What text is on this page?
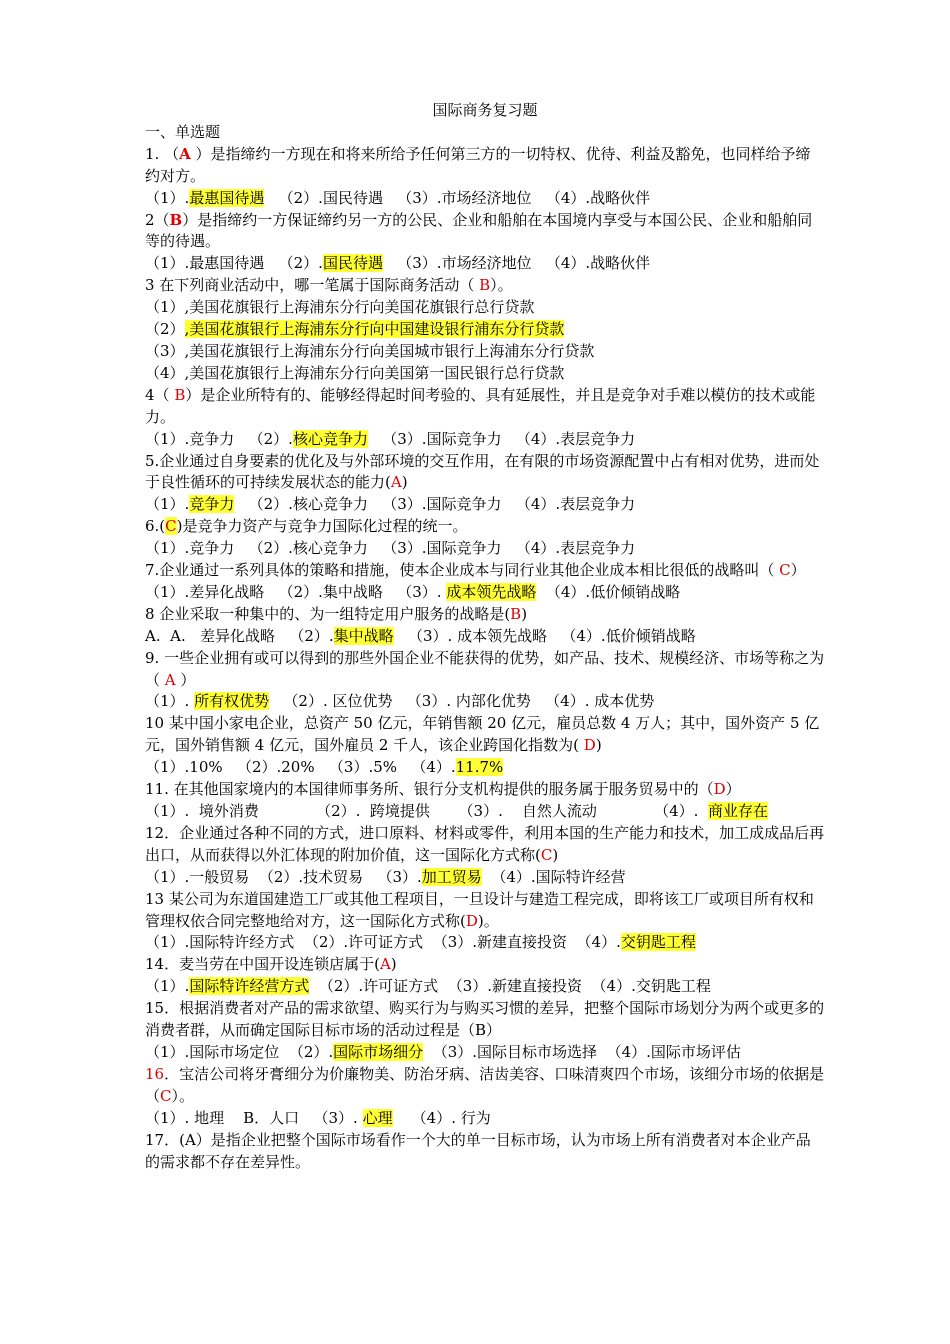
国际商务复习题
一、单选题
1. （A ）是指缔约一方现在和将来所给予任何第三方的一切特权、优待、利益及豁免，也同样给予缔约对方。
（1）.最惠国待遇   （2）.国民待遇   （3）.市场经济地位   （4）.战略伙伴
2（B）是指缔约一方保证缔约另一方的公民、企业和船舶在本国境内享受与本国公民、企业和船舶同等的待遇。
（1）.最惠国待遇   （2）.国民待遇   （3）.市场经济地位   （4）.战略伙伴
3 在下列商业活动中，哪一笔属于国际商务活动（ B）。
（1）,美国花旗银行上海浦东分行向美国花旗银行总行贷款
（2）,美国花旗银行上海浦东分行向中国建设银行浦东分行贷款
（3）,美国花旗银行上海浦东分行向美国城市银行上海浦东分行贷款
（4）,美国花旗银行上海浦东分行向美国第一国民银行总行贷款
4（ B）是企业所特有的、能够经得起时间考验的、具有延展性，并且是竞争对手难以模仿的技术或能力。
（1）.竞争力   （2）.核心竞争力   （3）.国际竞争力   （4）.表层竞争力
5.企业通过自身要素的优化及与外部环境的交互作用，在有限的市场资源配置中占有相对优势，进而处于良性循环的可持续发展状态的能力(A)
（1）.竞争力   （2）.核心竞争力   （3）.国际竞争力   （4）.表层竞争力
6.(C)是竞争力资产与竞争力国际化过程的统一。
（1）.竞争力   （2）.核心竞争力   （3）.国际竞争力   （4）.表层竞争力
7.企业通过一系列具体的策略和措施，使本企业成本与同行业其他企业成本相比很低的战略叫（ C）
（1）.差异化战略   （2）.集中战略   （3）. 成本领先战略  （4）.低价倾销战略
8 企业采取一种集中的、为一组特定用户服务的战略是(B)
A.  A.   差异化战略   （2）.集中战略   （3）. 成本领先战略   （4）.低价倾销战略
9. 一些企业拥有或可以得到的那些外国企业不能获得的优势，如产品、技术、规模经济、市场等称之为（ A ）
（1）. 所有权优势   （2）. 区位优势   （3）. 内部化优势   （4）. 成本优势
10 某中国小家电企业，总资产 50 亿元，年销售额 20 亿元，雇员总数 4 万人；其中，国外资产 5 亿元，国外销售额 4 亿元，国外雇员 2 千人，该企业跨国化指数为( D)
（1）.10%   （2）.20%   （3）.5%   （4）.11.7%
11. 在其他国家境内的本国律师事务所、银行分支机构提供的服务属于服务贸易中的（D）
（1）.  境外消费            （2）.  跨境提供      （3）.    自然人流动            （4）.  商业存在
12．企业通过各种不同的方式，进口原料、材料或零件，利用本国的生产能力和技术，加工成成品后再出口，从而获得以外汇体现的附加价值，这一国际化方式称(C)
（1）.一般贸易  （2）.技术贸易   （3）.加工贸易  （4）.国际特许经营
13 某公司为东道国建造工厂或其他工程项目，一旦设计与建造工程完成，即将该工厂或项目所有权和管理权依合同完整地给对方，这一国际化方式称(D)。
（1）.国际特许经方式  （2）.许可证方式  （3）.新建直接投资  （4）.交钥匙工程
14．麦当劳在中国开设连锁店属于(A)
（1）.国际特许经营方式  （2）.许可证方式  （3）.新建直接投资  （4）.交钥匙工程
15．根据消费者对产品的需求欲望、购买行为与购买习惯的差异，把整个国际市场划分为两个或更多的消费者群，从而确定国际目标市场的活动过程是（B）
（1）.国际市场定位  （2）.国际市场细分  （3）.国际目标市场选择  （4）.国际市场评估
16．宝洁公司将牙膏细分为价廉物美、防治牙病、洁齿美容、口味清爽四个市场，该细分市场的依据是（C）。
（1）. 地理    B．人口   （3）. 心理    （4）. 行为
17．(A）是指企业把整个国际市场看作一个大的单一目标市场，认为市场上所有消费者对本企业产品的需求都不存在差异性。
